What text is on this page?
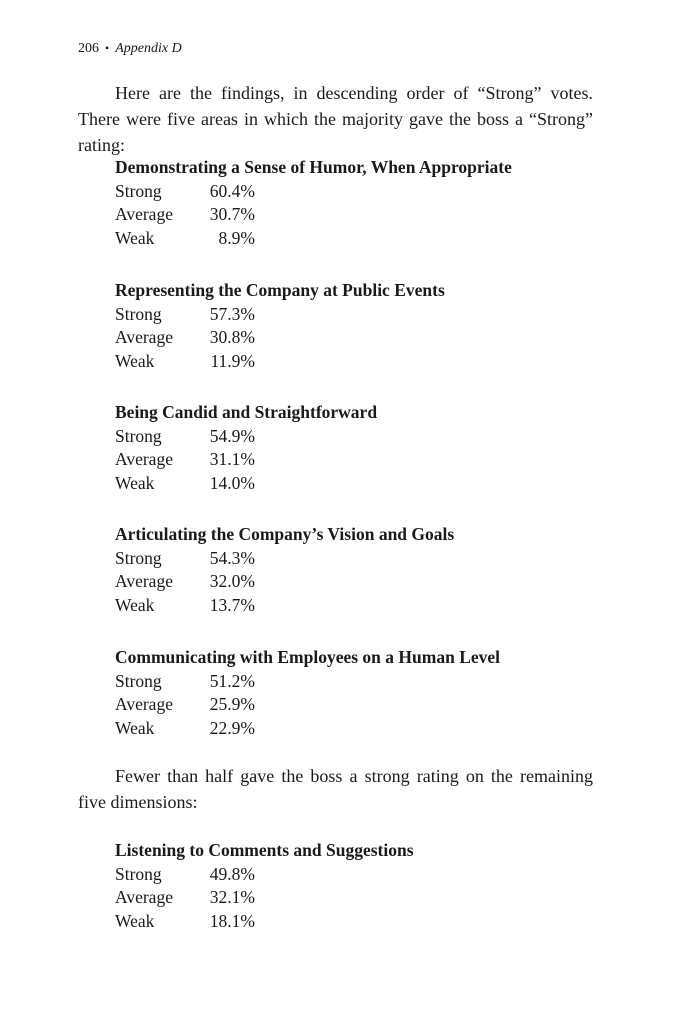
206 • Appendix D

Here are the findings, in descending order of “Strong” votes. There were five areas in which the majority gave the boss a “Strong” rating:

Demonstrating a Sense of Humor, When Appropriate
Strong	60.4%
Average	30.7%
Weak	8.9%
Representing the Company at Public Events
Strong	57.3%
Average	30.8%
Weak	11.9%
Being Candid and Straightforward
Strong	54.9%
Average	31.1%
Weak	14.0%
Articulating the Company’s Vision and Goals
Strong	54.3%
Average	32.0%
Weak	13.7%
Communicating with Employees on a Human Level
Strong	51.2%
Average	25.9%
Weak	22.9%

Fewer than half gave the boss a strong rating on the remaining five dimensions:

Listening to Comments and Suggestions
Strong	49.8%
Average	32.1%
Weak	18.1%
